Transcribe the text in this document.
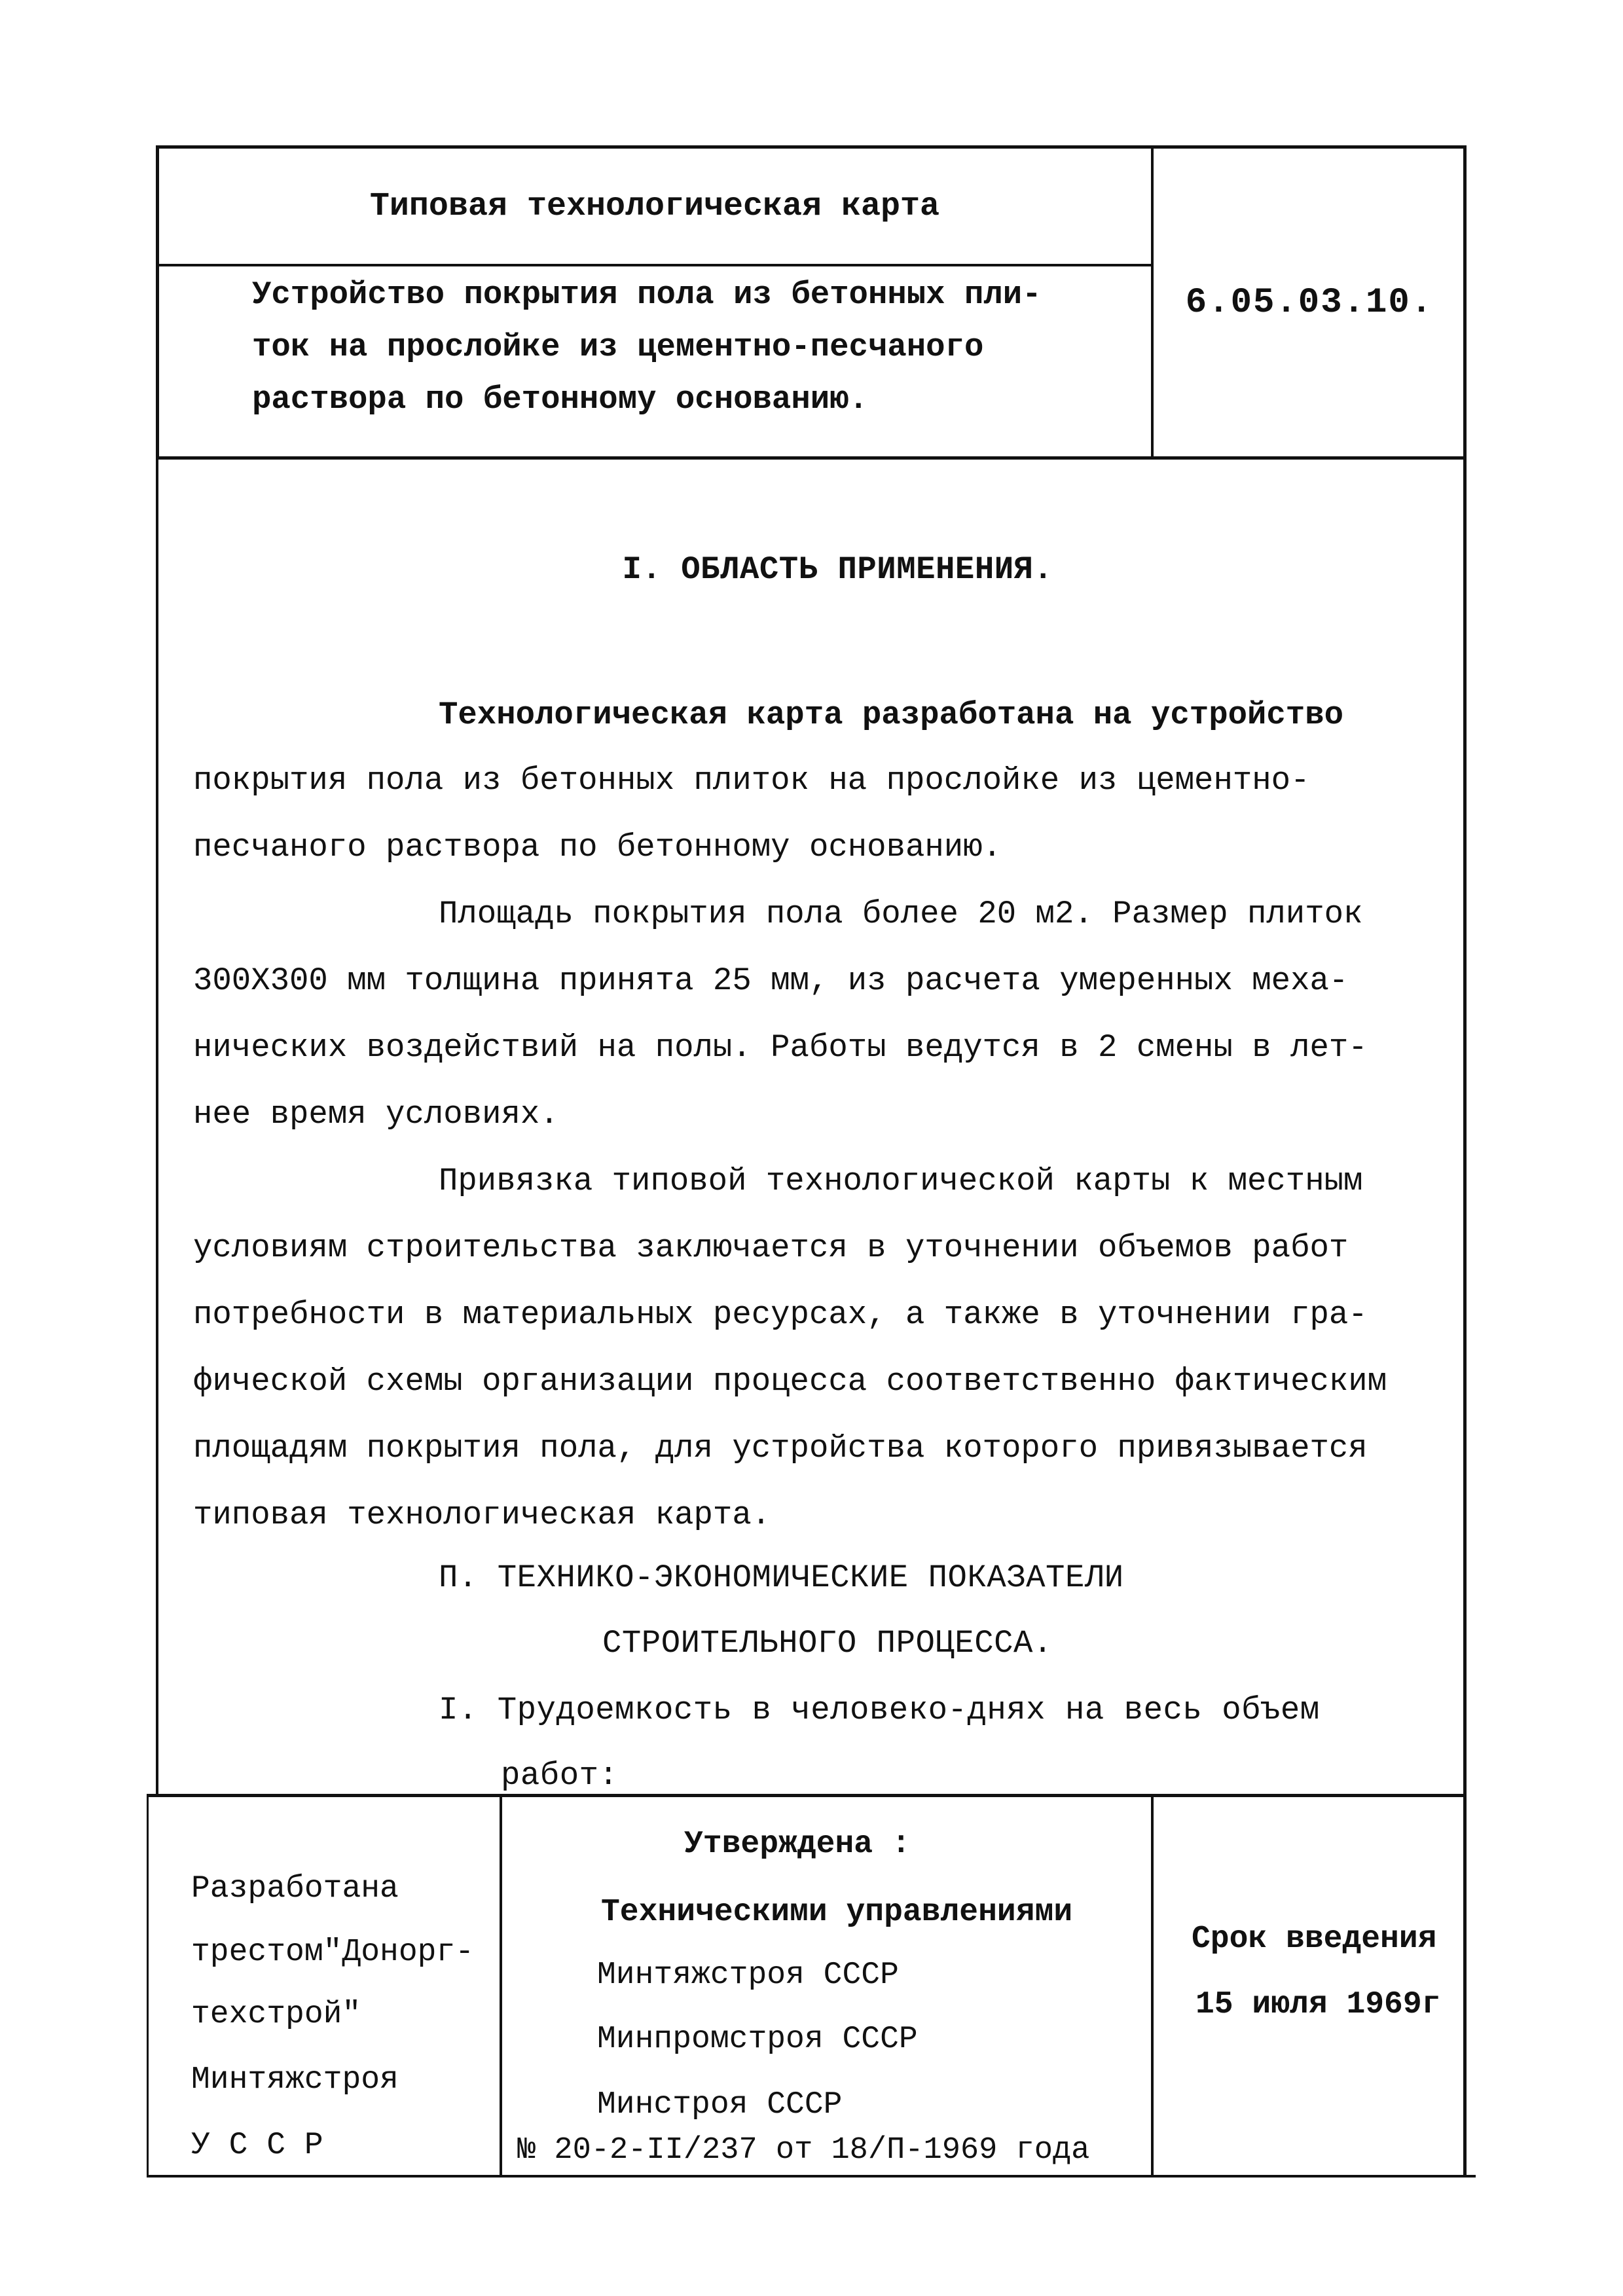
Типовая технологическая карта
Устройство покрытия пола из бетонных пли-
ток на прослойке из цементно-песчаного
раствора по бетонному основанию.
6.05.03.10.
I. ОБЛАСТЬ ПРИМЕНЕНИЯ.
Технологическая карта разработана на устройство
покрытия пола из бетонных плиток на прослойке из цементно-
песчаного раствора по бетонному основанию.
Площадь покрытия пола более 20 м2. Размер плиток
300Х300 мм толщина принята 25 мм, из расчета умеренных меха-
нических воздействий на полы. Работы ведутся в 2 смены в лет-
нее время условиях.
Привязка типовой технологической карты к местным
условиям строительства заключается в уточнении объемов работ
потребности в материальных ресурсах, а также в уточнении гра-
фической схемы организации процесса соответственно фактическим
площадям покрытия пола, для устройства которого привязывается
типовая технологическая карта.
П. ТЕХНИКО-ЭКОНОМИЧЕСКИЕ ПОКАЗАТЕЛИ
СТРОИТЕЛЬНОГО ПРОЦЕССА.
I. Трудоемкость в человеко-днях на весь объем
работ:
Разработана
трестом"Донорг-
техстрой"
Минтяжстроя
У С С Р
Утверждена :
Техническими управлениями
Минтяжстроя СССР
Минпромстроя СССР
Минстроя СССР
№ 20-2-II/237 от 18/П-1969 года
Срок введения
15 июля 1969г
